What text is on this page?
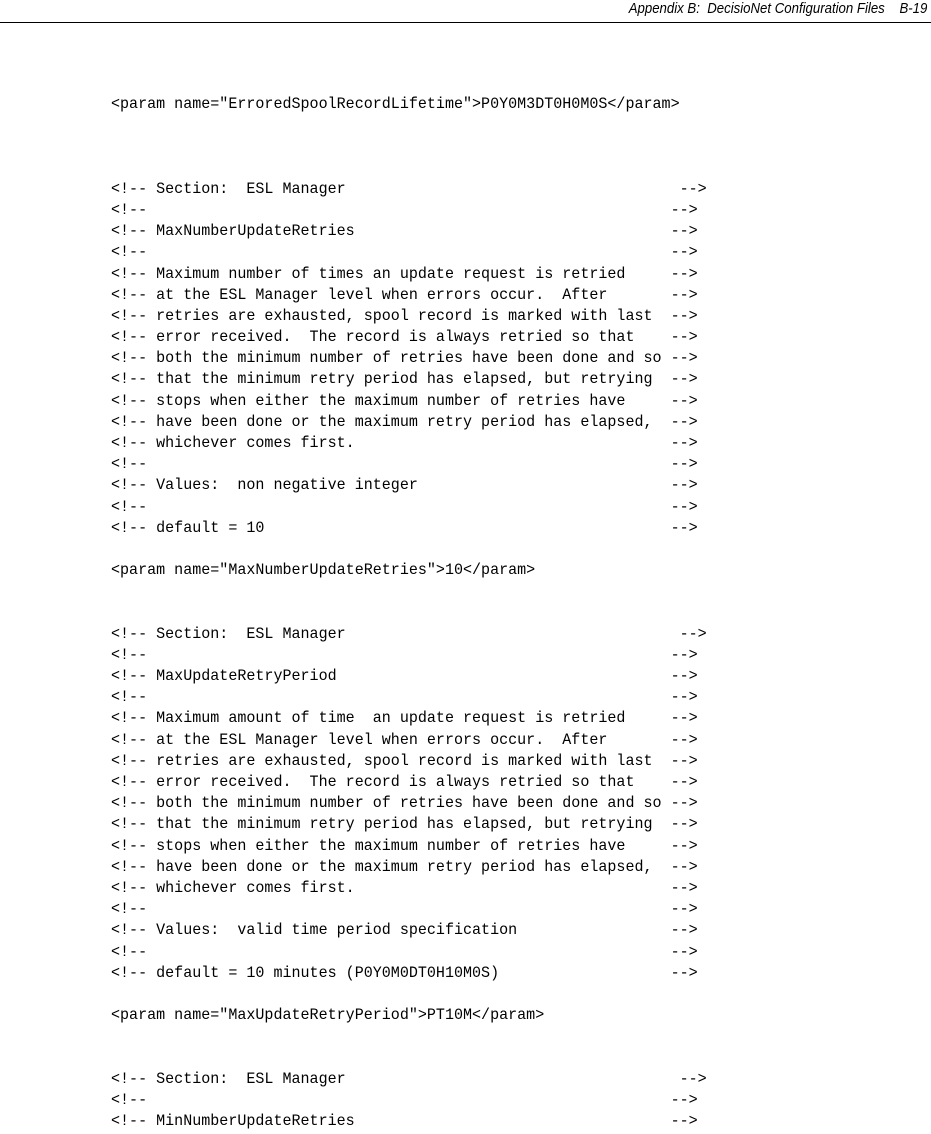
Appendix B:  DecisioNet Configuration Files    B-19
<param name="ErroredSpoolRecordLifetime">P0Y0M3DT0H0M0S</param>
<!-- Section:  ESL Manager                                     -->
<!--                                                          -->
<!-- MaxNumberUpdateRetries                                   -->
<!--                                                          -->
<!-- Maximum number of times an update request is retried     -->
<!-- at the ESL Manager level when errors occur.  After       -->
<!-- retries are exhausted, spool record is marked with last  -->
<!-- error received.  The record is always retried so that    -->
<!-- both the minimum number of retries have been done and so -->
<!-- that the minimum retry period has elapsed, but retrying  -->
<!-- stops when either the maximum number of retries have     -->
<!-- have been done or the maximum retry period has elapsed,  -->
<!-- whichever comes first.                                   -->
<!--                                                          -->
<!-- Values:  non negative integer                            -->
<!--                                                          -->
<!-- default = 10                                             -->
<param name="MaxNumberUpdateRetries">10</param>
<!-- Section:  ESL Manager                                     -->
<!--                                                          -->
<!-- MaxUpdateRetryPeriod                                     -->
<!--                                                          -->
<!-- Maximum amount of time  an update request is retried     -->
<!-- at the ESL Manager level when errors occur.  After       -->
<!-- retries are exhausted, spool record is marked with last  -->
<!-- error received.  The record is always retried so that    -->
<!-- both the minimum number of retries have been done and so -->
<!-- that the minimum retry period has elapsed, but retrying  -->
<!-- stops when either the maximum number of retries have     -->
<!-- have been done or the maximum retry period has elapsed,  -->
<!-- whichever comes first.                                   -->
<!--                                                          -->
<!-- Values:  valid time period specification                 -->
<!--                                                          -->
<!-- default = 10 minutes (P0Y0M0DT0H10M0S)                   -->
<param name="MaxUpdateRetryPeriod">PT10M</param>
<!-- Section:  ESL Manager                                     -->
<!--                                                          -->
<!-- MinNumberUpdateRetries                                   -->
